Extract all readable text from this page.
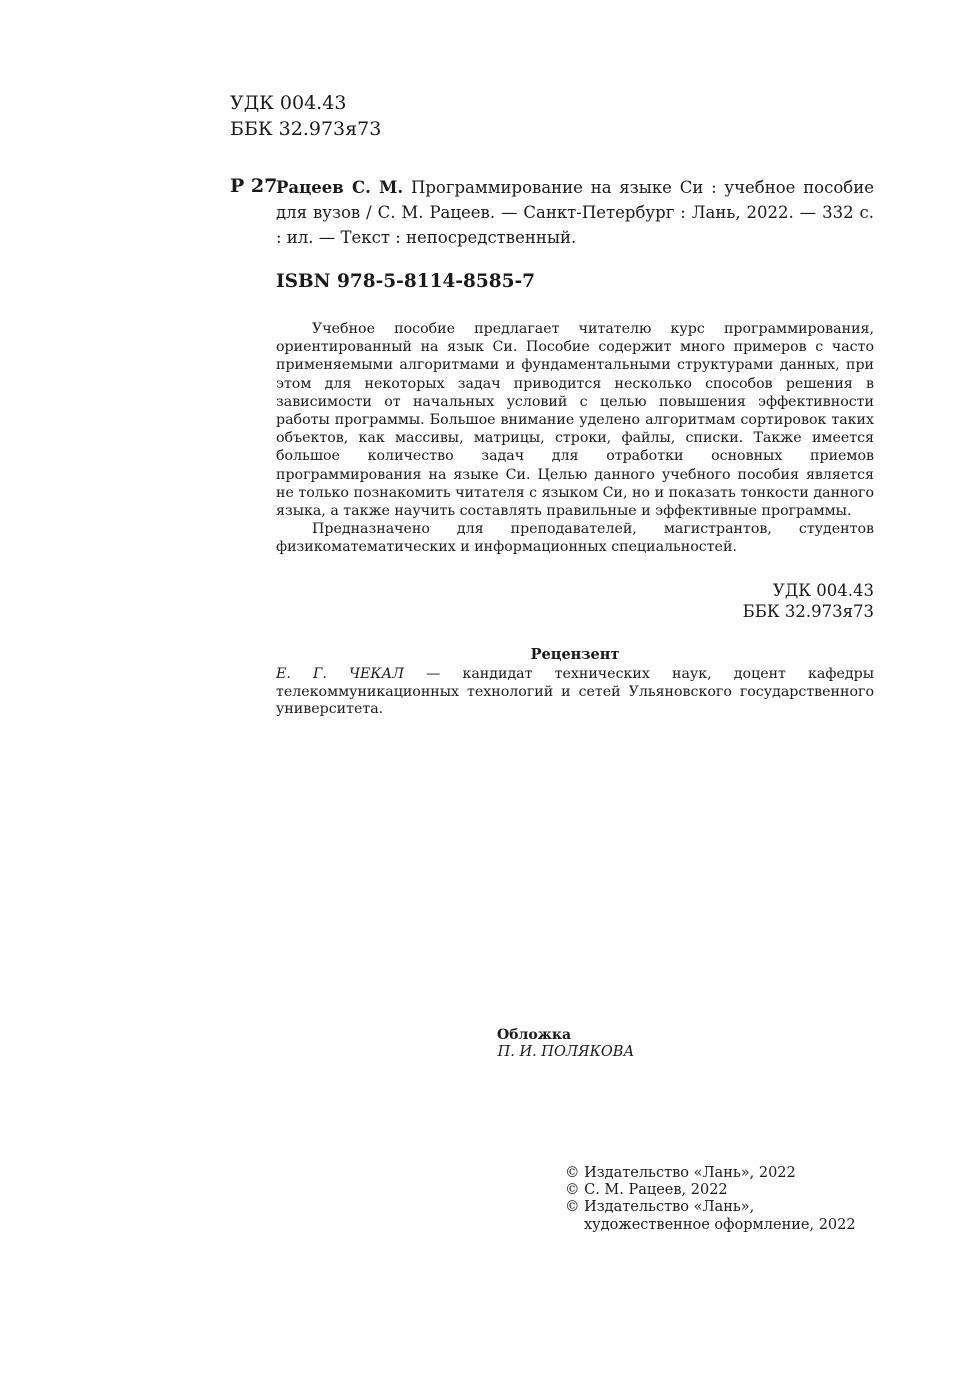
УДК 004.43
ББК 32.973я73
Р 27
Рацеев С. М. Программирование на языке Си : учебное пособие для вузов / С. М. Рацеев. — Санкт-Петербург : Лань, 2022. — 332 с. : ил. — Текст : непосредственный.
ISBN 978-5-8114-8585-7

Учебное пособие предлагает читателю курс программирования, ориентированный на язык Си. Пособие содержит много примеров с часто применяемыми алгоритмами и фундаментальными структурами данных, при этом для некоторых задач приводится несколько способов решения в зависимости от начальных условий с целью повышения эффективности работы программы. Большое внимание уделено алгоритмам сортировок таких объектов, как массивы, матрицы, строки, файлы, списки. Также имеется большое количество задач для отработки основных приемов программирования на языке Си. Целью данного учебного пособия является не только познакомить читателя с языком Си, но и показать тонкости данного языка, а также научить составлять правильные и эффективные программы.

Предназначено для преподавателей, магистрантов, студентов физикоматематических и информационных специальностей.

УДК 004.43
ББК 32.973я73
Рецензент
Е. Г. ЧЕКАЛ — кандидат технических наук, доцент кафедры телекоммуникационных технологий и сетей Ульяновского государственного университета.
Обложка
П. И. ПОЛЯКОВА
© Издательство «Лань», 2022
© С. М. Рацеев, 2022
© Издательство «Лань»,
художественное оформление, 2022
